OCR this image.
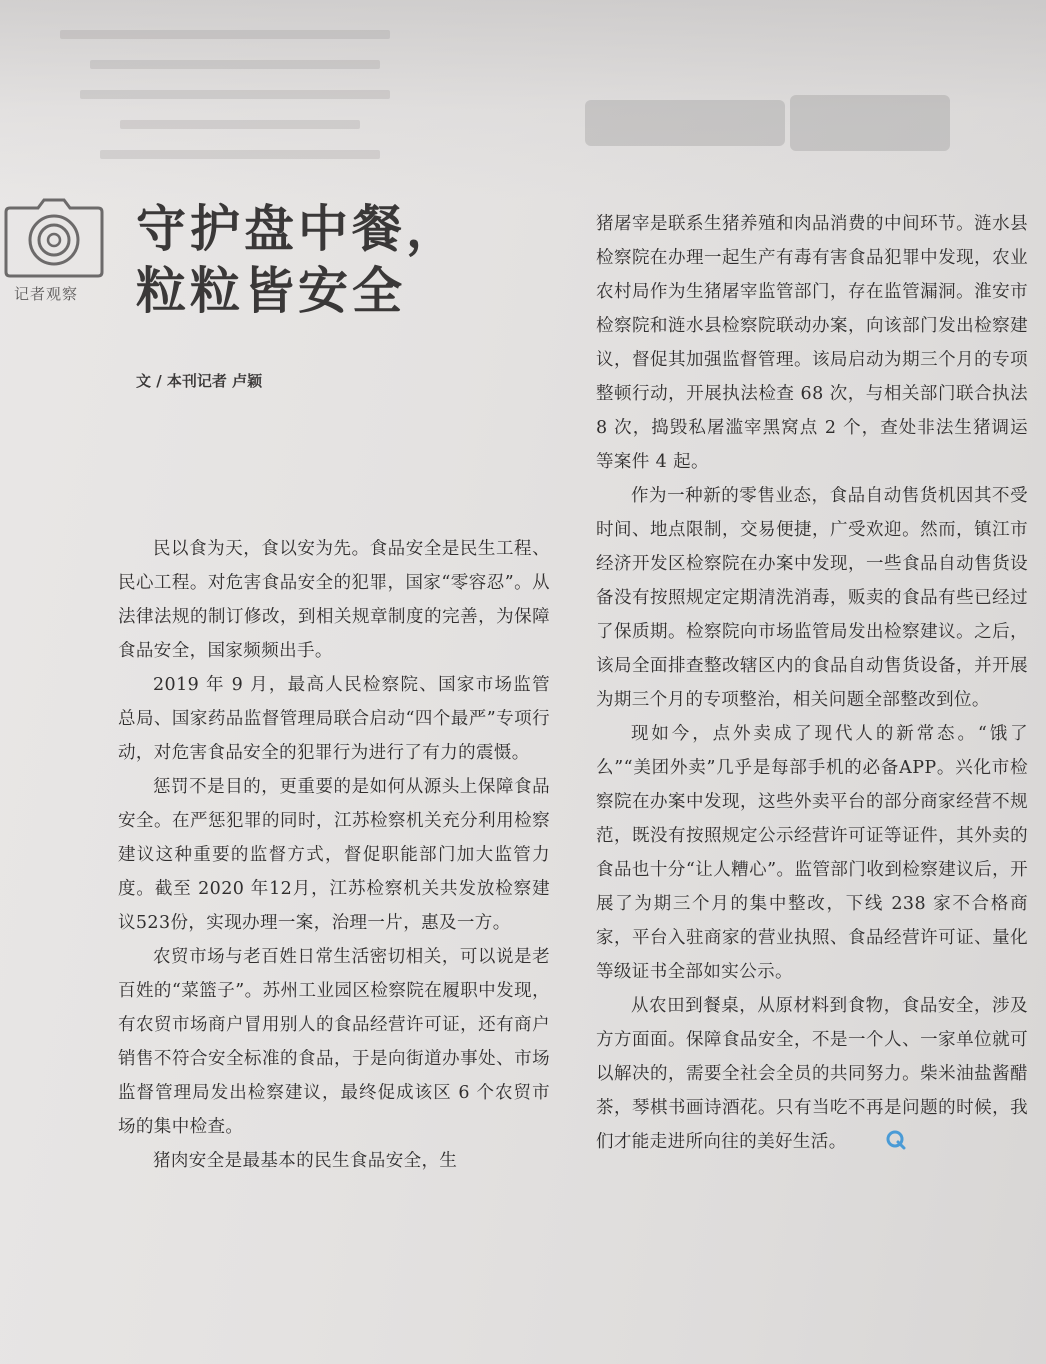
记者观察
守护盘中餐，
粒粒皆安全
文 / 本刊记者 卢颖

民以食为天，食以安为先。食品安全是民生工程、民心工程。对危害食品安全的犯罪，国家“零容忍”。从法律法规的制订修改，到相关规章制度的完善，为保障食品安全，国家频频出手。

2019 年 9 月，最高人民检察院、国家市场监管总局、国家药品监督管理局联合启动“四个最严”专项行动，对危害食品安全的犯罪行为进行了有力的震慑。

惩罚不是目的，更重要的是如何从源头上保障食品安全。在严惩犯罪的同时，江苏检察机关充分利用检察建议这种重要的监督方式，督促职能部门加大监管力度。截至 2020 年12月，江苏检察机关共发放检察建议523份，实现办理一案，治理一片，惠及一方。

农贸市场与老百姓日常生活密切相关，可以说是老百姓的“菜篮子”。苏州工业园区检察院在履职中发现，有农贸市场商户冒用别人的食品经营许可证，还有商户销售不符合安全标准的食品，于是向街道办事处、市场监督管理局发出检察建议，最终促成该区 6 个农贸市场的集中检查。

猪肉安全是最基本的民生食品安全，生

猪屠宰是联系生猪养殖和肉品消费的中间环节。涟水县检察院在办理一起生产有毒有害食品犯罪中发现，农业农村局作为生猪屠宰监管部门，存在监管漏洞。淮安市检察院和涟水县检察院联动办案，向该部门发出检察建议，督促其加强监督管理。该局启动为期三个月的专项整顿行动，开展执法检查 68 次，与相关部门联合执法 8 次，捣毁私屠滥宰黑窝点 2 个，查处非法生猪调运等案件 4 起。

作为一种新的零售业态，食品自动售货机因其不受时间、地点限制，交易便捷，广受欢迎。然而，镇江市经济开发区检察院在办案中发现，一些食品自动售货设备没有按照规定定期清洗消毒，贩卖的食品有些已经过了保质期。检察院向市场监管局发出检察建议。之后，该局全面排查整改辖区内的食品自动售货设备，并开展为期三个月的专项整治，相关问题全部整改到位。

现如今，点外卖成了现代人的新常态。“饿了么”“美团外卖”几乎是每部手机的必备APP。兴化市检察院在办案中发现，这些外卖平台的部分商家经营不规范，既没有按照规定公示经营许可证等证件，其外卖的食品也十分“让人糟心”。监管部门收到检察建议后，开展了为期三个月的集中整改，下线 238 家不合格商家，平台入驻商家的营业执照、食品经营许可证、量化等级证书全部如实公示。

从农田到餐桌，从原材料到食物，食品安全，涉及方方面面。保障食品安全，不是一个人、一家单位就可以解决的，需要全社会全员的共同努力。柴米油盐酱醋茶，琴棋书画诗酒花。只有当吃不再是问题的时候，我们才能走进所向往的美好生活。
